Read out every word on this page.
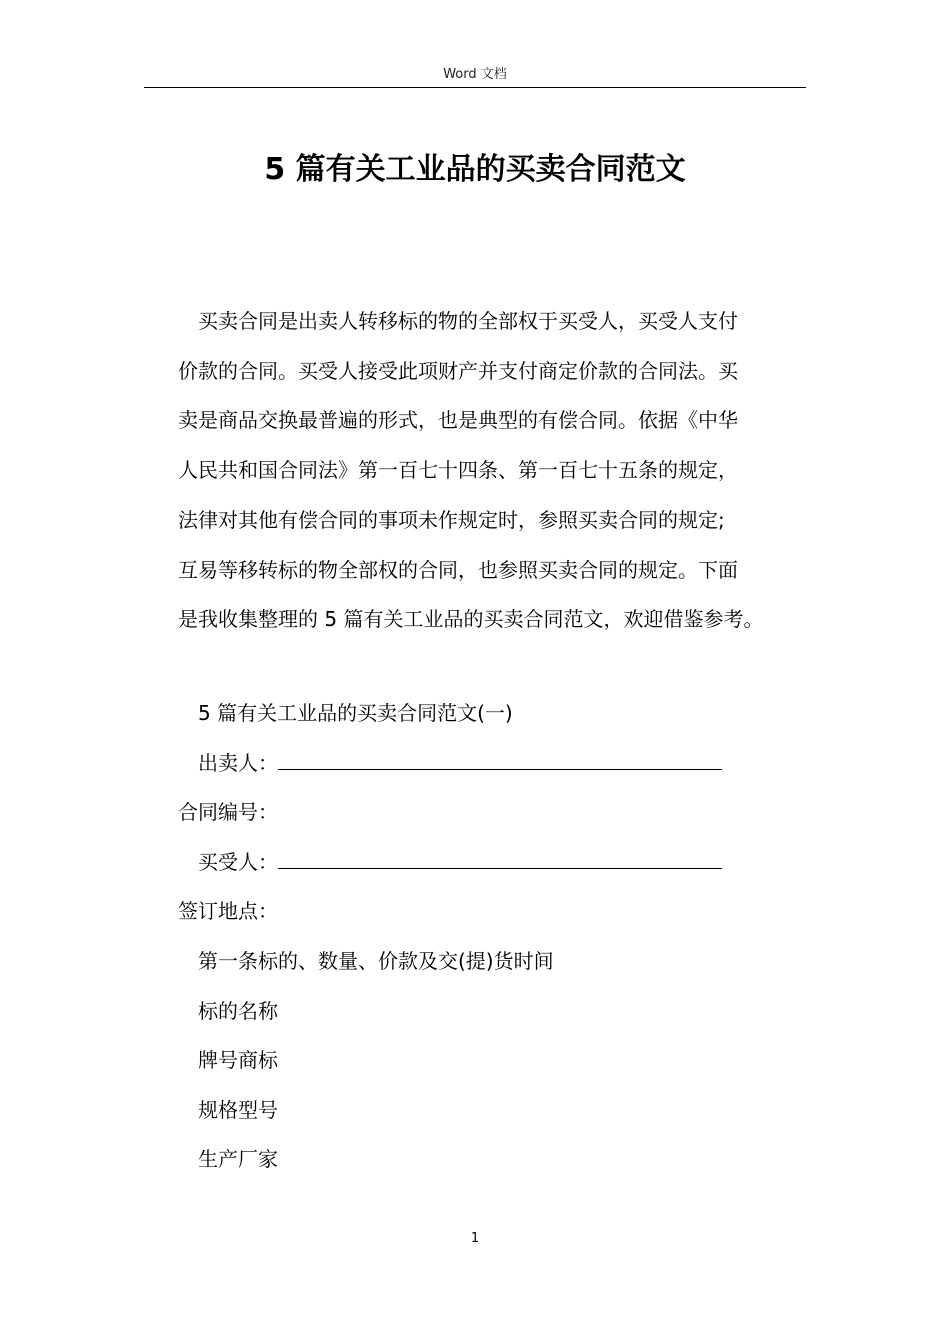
Word 文档
5 篇有关工业品的买卖合同范文
买卖合同是出卖人转移标的物的全部权于买受人，买受人支付
价款的合同。买受人接受此项财产并支付商定价款的合同法。买
卖是商品交换最普遍的形式，也是典型的有偿合同。依据《中华
人民共和国合同法》第一百七十四条、第一百七十五条的规定，
法律对其他有偿合同的事项未作规定时，参照买卖合同的规定;
互易等移转标的物全部权的合同，也参照买卖合同的规定。下面
是我收集整理的 5 篇有关工业品的买卖合同范文，欢迎借鉴参考。
5 篇有关工业品的买卖合同范文(一)
出卖人：
合同编号：
买受人：
签订地点：
第一条标的、数量、价款及交(提)货时间
标的名称
牌号商标
规格型号
生产厂家
1
